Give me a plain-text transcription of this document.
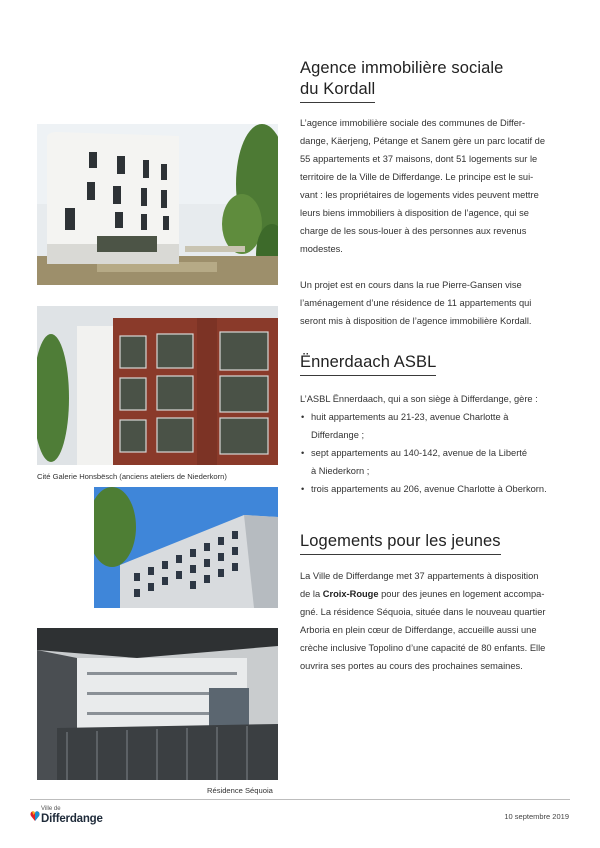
Cité Galerie Honsbësch (anciens ateliers de Niederkorn)
Résidence Séquoia
Agence immobilière sociale
du Kordall

L’agence immobilière sociale des communes de Differ-
dange, Käerjeng, Pétange et Sanem gère un parc locatif de
55 appartements et 37 maisons, dont 51 logements sur le
territoire de la Ville de Differdange. Le principe est le sui-
vant : les propriétaires de logements vides peuvent mettre
leurs biens immobiliers à disposition de l’agence, qui se
charge de les sous-louer à des personnes aux revenus
modestes.

Un projet est en cours dans la rue Pierre-Gansen vise
l’aménagement d’une résidence de 11 appartements qui
seront mis à disposition de l’agence immobilière Kordall.

Ënnerdaach ASBL

L’ASBL Ënnerdaach, qui a son siège à Differdange, gère :

• huit appartements au 21-23, avenue Charlotte à
Differdange ;
• sept appartements au 140-142, avenue de la Liberté
à Niederkorn ;
• trois appartements au 206, avenue Charlotte à Oberkorn.
Logements pour les jeunes

La Ville de Differdange met 37 appartements à disposition
de la Croix-Rouge pour des jeunes en logement accompa-
gné. La résidence Séquoia, située dans le nouveau quartier
Arboria en plein cœur de Differdange, accueille aussi une
crèche inclusive Topolino d’une capacité de 80 enfants. Elle
ouvrira ses portes au cours des prochaines semaines.

Ville de
Differdange	10 septembre 2019
